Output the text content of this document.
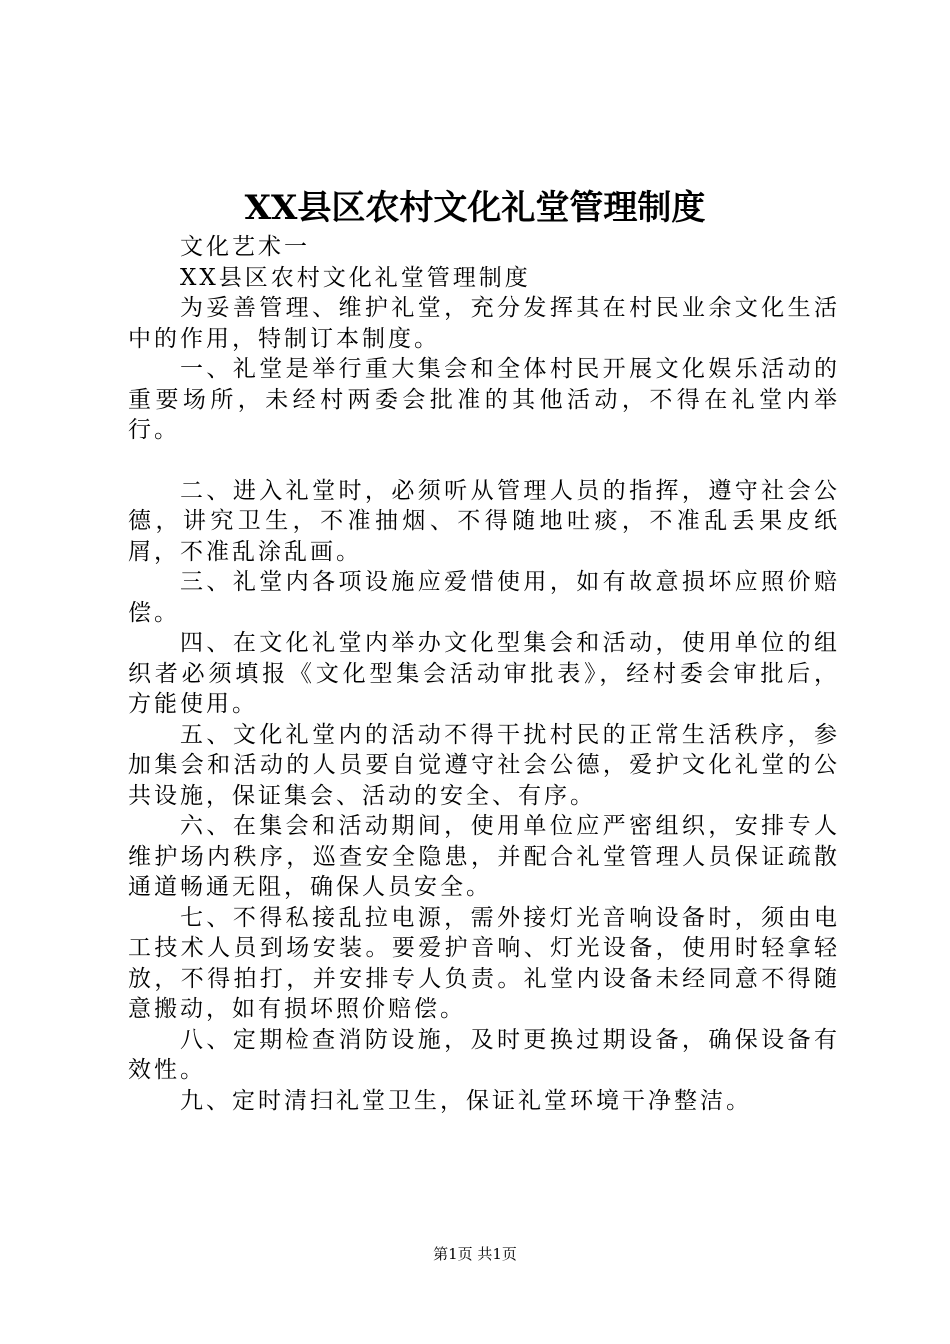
XX县区农村文化礼堂管理制度

文化艺术一

XX县区农村文化礼堂管理制度

为妥善管理、维护礼堂，充分发挥其在村民业余文化生活中的作用，特制订本制度。

一、礼堂是举行重大集会和全体村民开展文化娱乐活动的重要场所，未经村两委会批准的其他活动，不得在礼堂内举行。

二、进入礼堂时，必须听从管理人员的指挥，遵守社会公德，讲究卫生，不准抽烟、不得随地吐痰，不准乱丢果皮纸屑，不准乱涂乱画。

三、礼堂内各项设施应爱惜使用，如有故意损坏应照价赔偿。

四、在文化礼堂内举办文化型集会和活动，使用单位的组织者必须填报《文化型集会活动审批表》，经村委会审批后，方能使用。

五、文化礼堂内的活动不得干扰村民的正常生活秩序，参加集会和活动的人员要自觉遵守社会公德，爱护文化礼堂的公共设施，保证集会、活动的安全、有序。

六、在集会和活动期间，使用单位应严密组织，安排专人维护场内秩序，巡查安全隐患，并配合礼堂管理人员保证疏散通道畅通无阻，确保人员安全。

七、不得私接乱拉电源，需外接灯光音响设备时，须由电工技术人员到场安装。要爱护音响、灯光设备，使用时轻拿轻放，不得拍打，并安排专人负责。礼堂内设备未经同意不得随意搬动，如有损坏照价赔偿。

八、定期检查消防设施，及时更换过期设备，确保设备有效性。

九、定时清扫礼堂卫生，保证礼堂环境干净整洁。

第1页 共1页
